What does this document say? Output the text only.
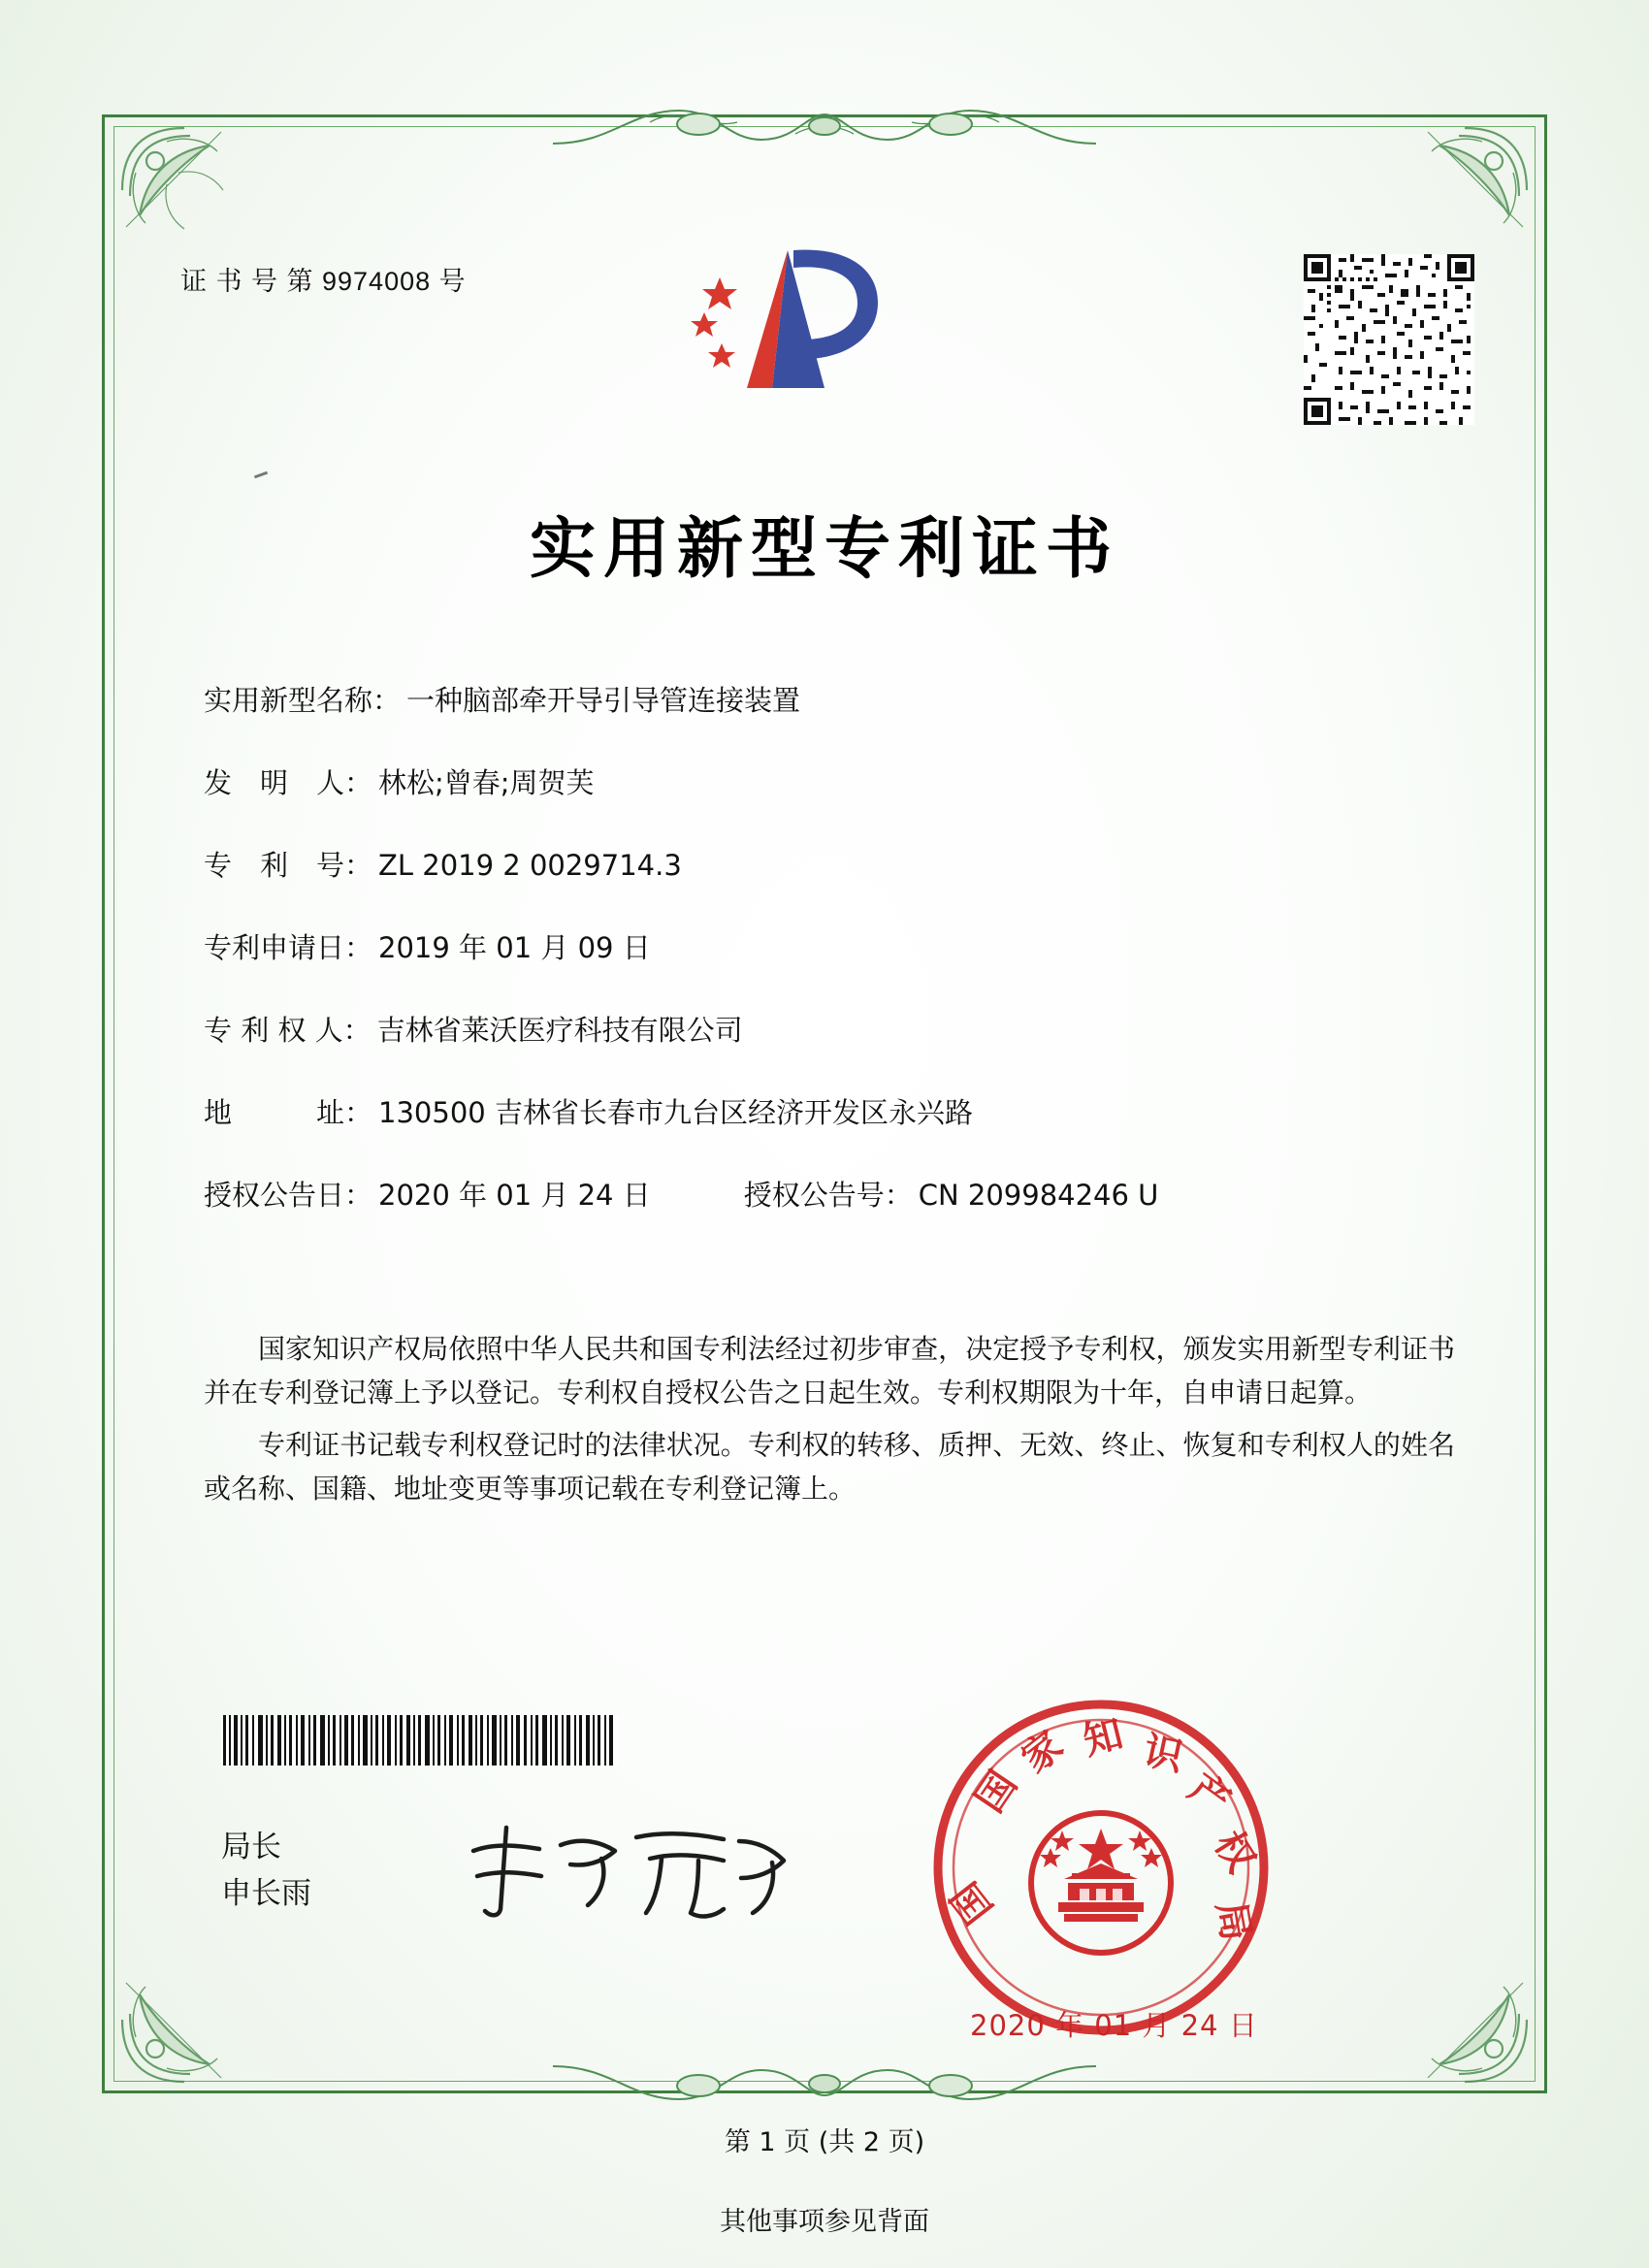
证 书 号 第 9974008 号
实用新型专利证书
实用新型名称： 一种脑部牵开导引导管连接装置
发　明　人： 林松;曾春;周贺芙
专　利　号： ZL 2019 2 0029714.3
专利申请日： 2019 年 01 月 09 日
专 利 权 人： 吉林省莱沃医疗科技有限公司
地　　　址： 130500 吉林省长春市九台区经济开发区永兴路
授权公告日： 2020 年 01 月 24 日	授权公告号： CN 209984246 U

国家知识产权局依照中华人民共和国专利法经过初步审查，决定授予专利权，颁发实用新型专利证书并在专利登记簿上予以登记。专利权自授权公告之日起生效。专利权期限为十年，自申请日起算。

专利证书记载专利权登记时的法律状况。专利权的转移、质押、无效、终止、恢复和专利权人的姓名或名称、国籍、地址变更等事项记载在专利登记簿上。

局长
申长雨
国
家 知 识
产
权
局
国
2020 年 01 月 24 日
第 1 页 (共 2 页)
其他事项参见背面
